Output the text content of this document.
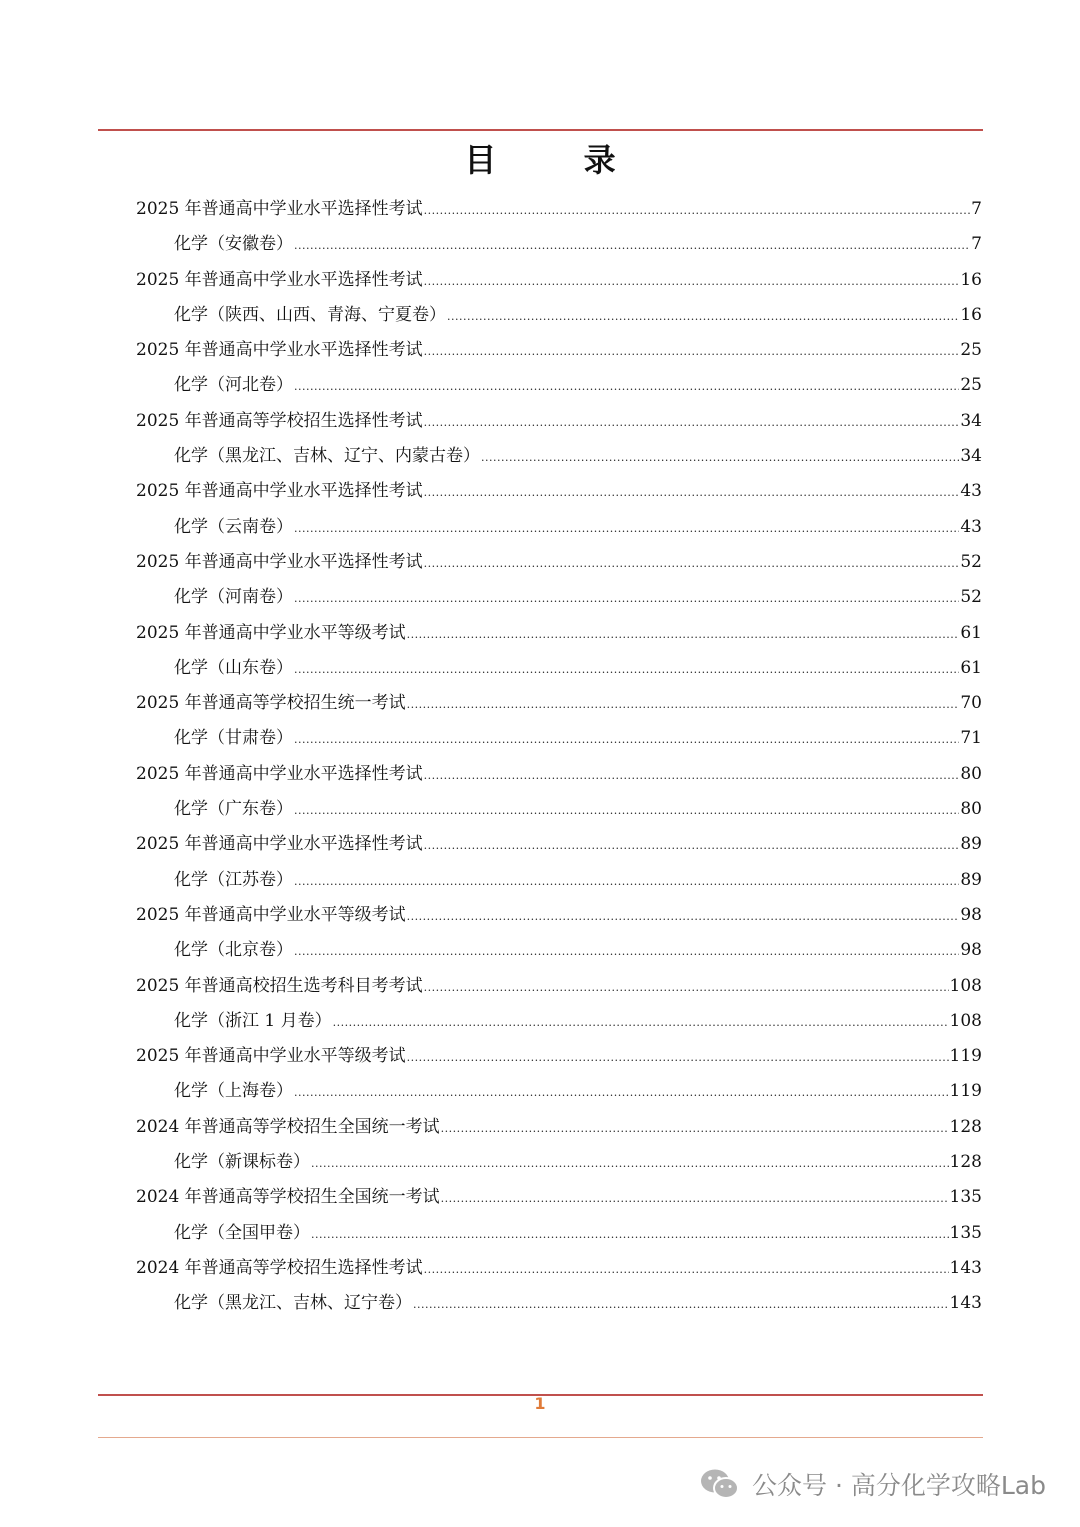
目 录
2025 年普通高中学业水平选择性考试 .....	7
化学（安徽卷） .....	7
2025 年普通高中学业水平选择性考试 .....	16
化学（陕西、山西、青海、宁夏卷） .....	16
2025 年普通高中学业水平选择性考试 .....	25
化学（河北卷） .....	25
2025 年普通高等学校招生选择性考试 .....	34
化学（黑龙江、吉林、辽宁、内蒙古卷） .....	34
2025 年普通高中学业水平选择性考试 .....	43
化学（云南卷） .....	43
2025 年普通高中学业水平选择性考试 .....	52
化学（河南卷） .....	52
2025 年普通高中学业水平等级考试 .....	61
化学（山东卷） .....	61
2025 年普通高等学校招生统一考试 .....	70
化学（甘肃卷） .....	71
2025 年普通高中学业水平选择性考试 .....	80
化学（广东卷） .....	80
2025 年普通高中学业水平选择性考试 .....	89
化学（江苏卷） .....	89
2025 年普通高中学业水平等级考试 .....	98
化学（北京卷） .....	98
2025 年普通高校招生选考科目考考试 .....	108
化学（浙江 1 月卷） .....	108
2025 年普通高中学业水平等级考试 .....	119
化学（上海卷） .....	119
2024 年普通高等学校招生全国统一考试 .....	128
化学（新课标卷） .....	128
2024 年普通高等学校招生全国统一考试 .....	135
化学（全国甲卷） .....	135
2024 年普通高等学校招生选择性考试 .....	143
化学（黑龙江、吉林、辽宁卷） .....	143
1
公众号 · 高分化学攻略Lab
